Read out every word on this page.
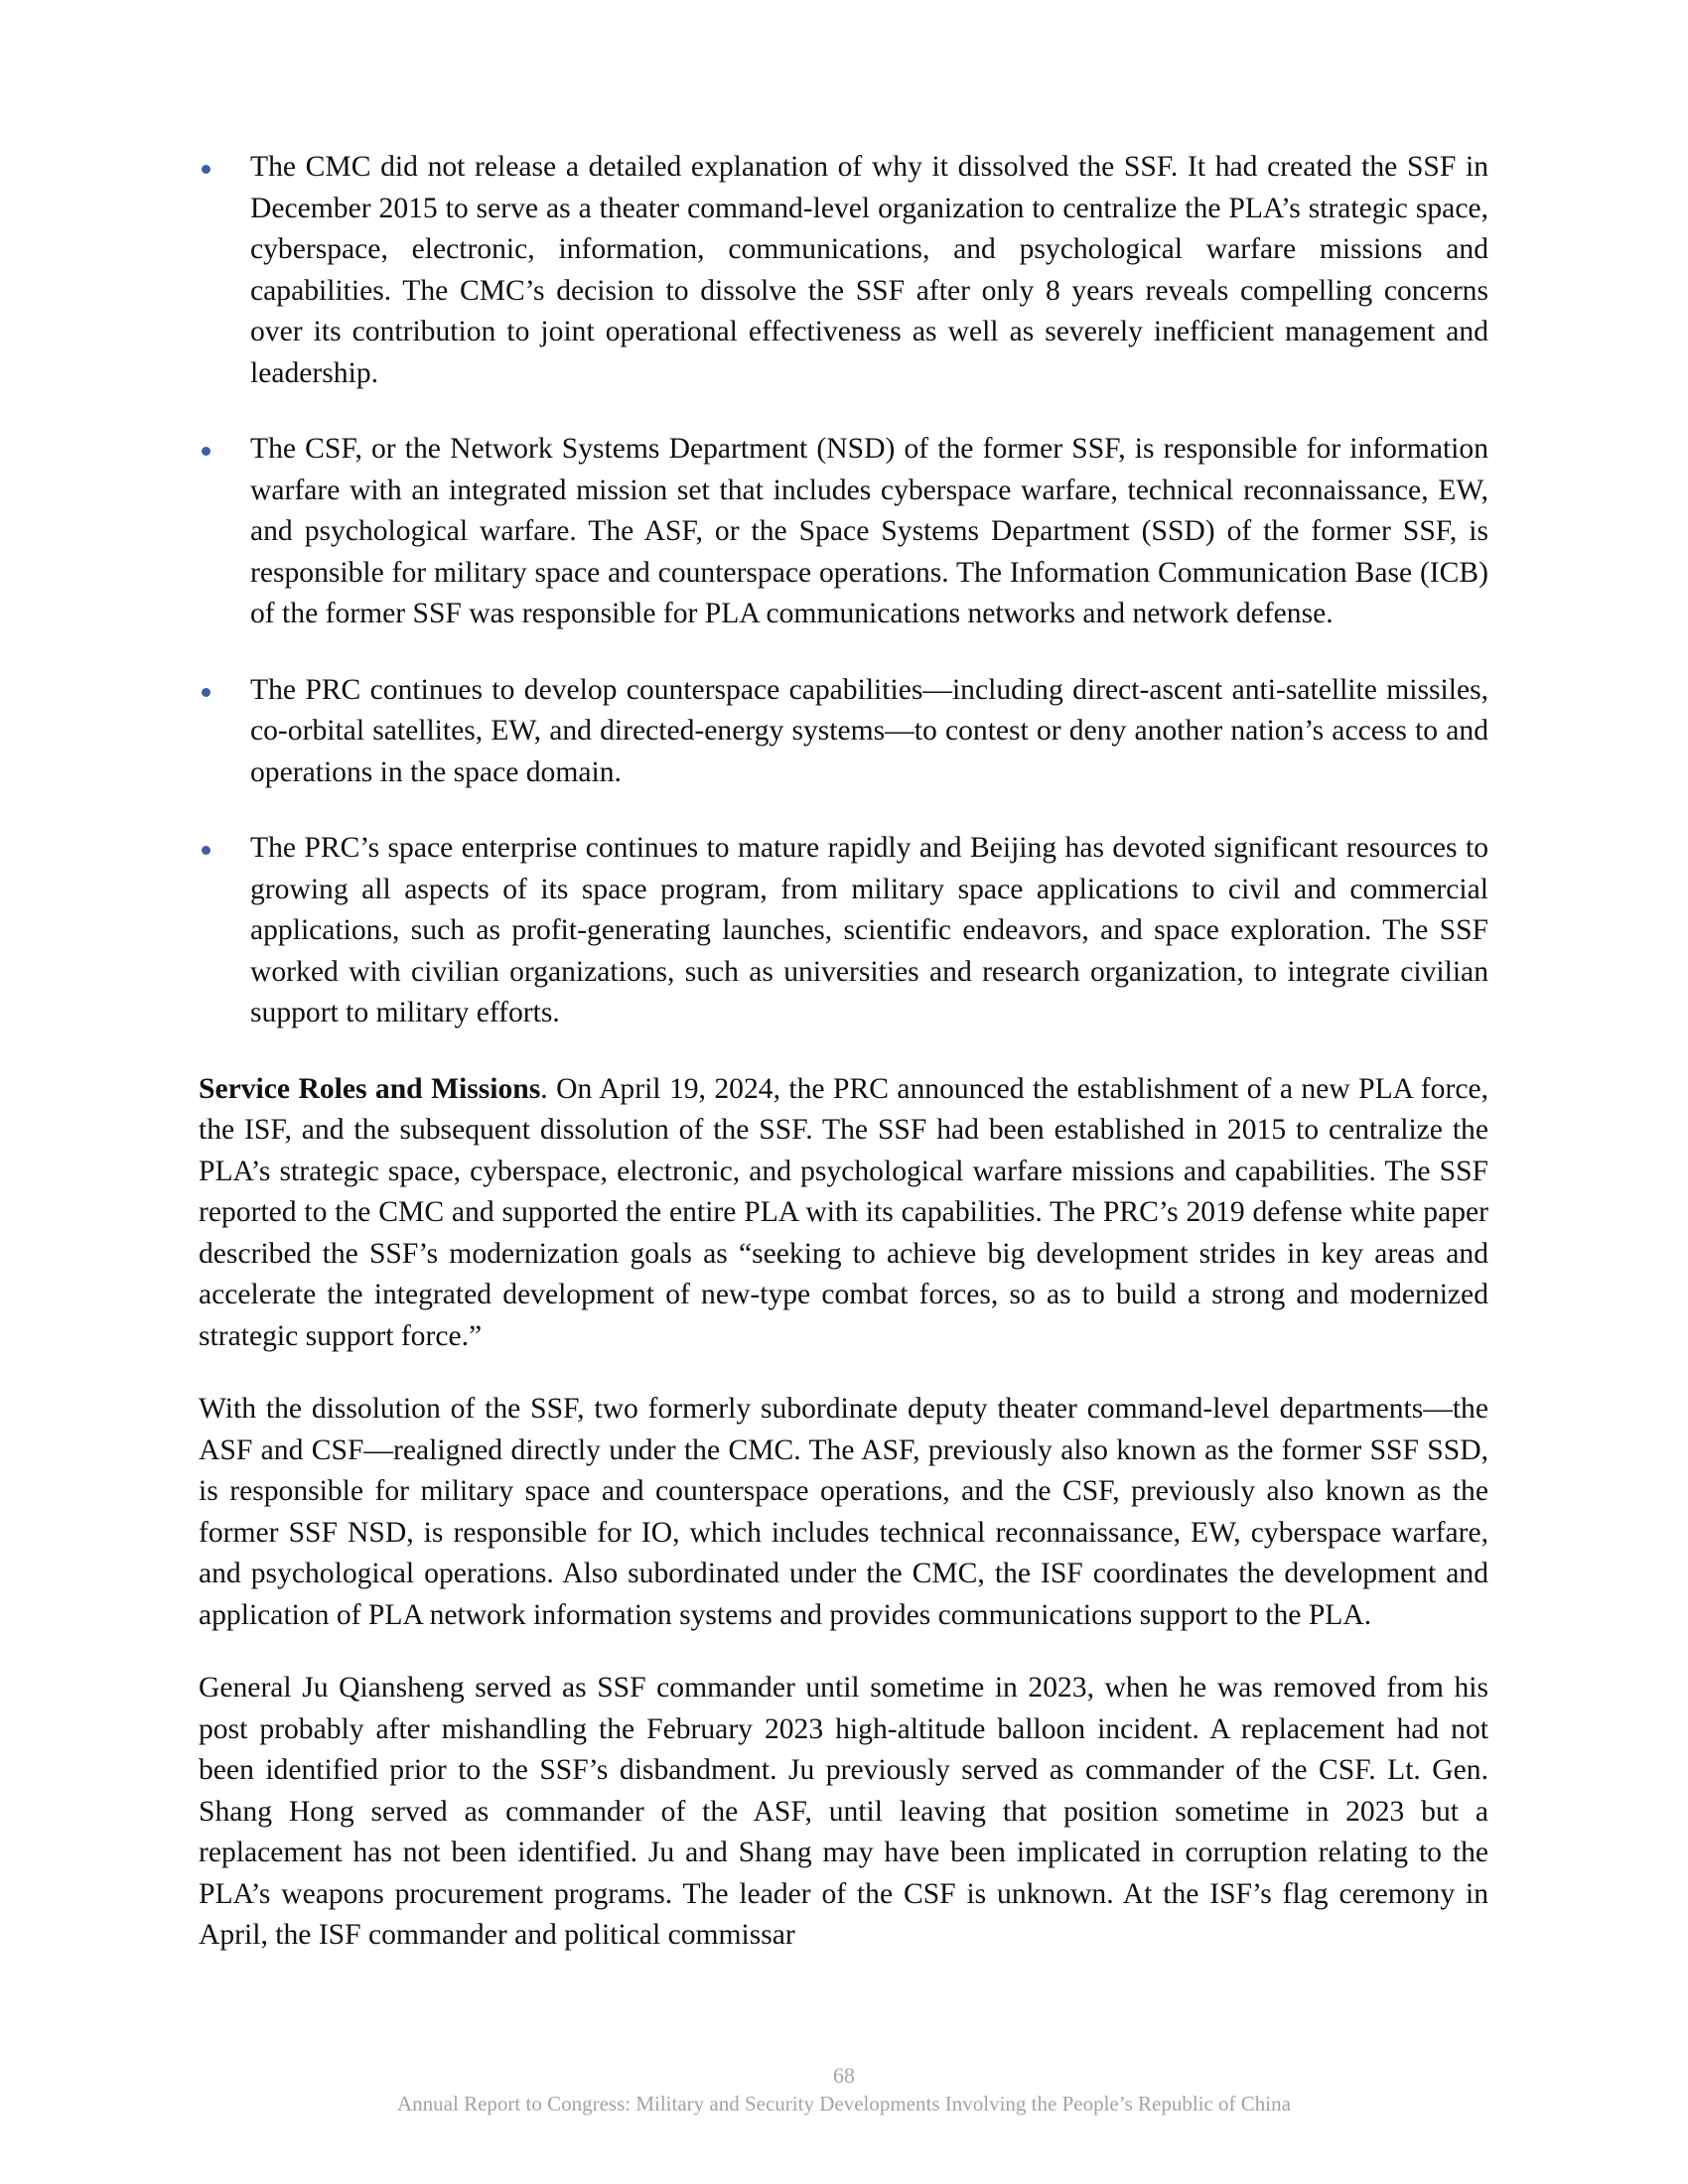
The CMC did not release a detailed explanation of why it dissolved the SSF. It had created the SSF in December 2015 to serve as a theater command-level organization to centralize the PLA’s strategic space, cyberspace, electronic, information, communications, and psychological warfare missions and capabilities. The CMC’s decision to dissolve the SSF after only 8 years reveals compelling concerns over its contribution to joint operational effectiveness as well as severely inefficient management and leadership.
The CSF, or the Network Systems Department (NSD) of the former SSF, is responsible for information warfare with an integrated mission set that includes cyberspace warfare, technical reconnaissance, EW, and psychological warfare. The ASF, or the Space Systems Department (SSD) of the former SSF, is responsible for military space and counterspace operations. The Information Communication Base (ICB) of the former SSF was responsible for PLA communications networks and network defense.
The PRC continues to develop counterspace capabilities—including direct-ascent anti-satellite missiles, co-orbital satellites, EW, and directed-energy systems—to contest or deny another nation’s access to and operations in the space domain.
The PRC’s space enterprise continues to mature rapidly and Beijing has devoted significant resources to growing all aspects of its space program, from military space applications to civil and commercial applications, such as profit-generating launches, scientific endeavors, and space exploration. The SSF worked with civilian organizations, such as universities and research organization, to integrate civilian support to military efforts.

Service Roles and Missions. On April 19, 2024, the PRC announced the establishment of a new PLA force, the ISF, and the subsequent dissolution of the SSF. The SSF had been established in 2015 to centralize the PLA’s strategic space, cyberspace, electronic, and psychological warfare missions and capabilities. The SSF reported to the CMC and supported the entire PLA with its capabilities. The PRC’s 2019 defense white paper described the SSF’s modernization goals as “seeking to achieve big development strides in key areas and accelerate the integrated development of new-type combat forces, so as to build a strong and modernized strategic support force.”

With the dissolution of the SSF, two formerly subordinate deputy theater command-level departments—the ASF and CSF—realigned directly under the CMC. The ASF, previously also known as the former SSF SSD, is responsible for military space and counterspace operations, and the CSF, previously also known as the former SSF NSD, is responsible for IO, which includes technical reconnaissance, EW, cyberspace warfare, and psychological operations. Also subordinated under the CMC, the ISF coordinates the development and application of PLA network information systems and provides communications support to the PLA.

General Ju Qiansheng served as SSF commander until sometime in 2023, when he was removed from his post probably after mishandling the February 2023 high-altitude balloon incident. A replacement had not been identified prior to the SSF’s disbandment. Ju previously served as commander of the CSF. Lt. Gen. Shang Hong served as commander of the ASF, until leaving that position sometime in 2023 but a replacement has not been identified. Ju and Shang may have been implicated in corruption relating to the PLA’s weapons procurement programs. The leader of the CSF is unknown. At the ISF’s flag ceremony in April, the ISF commander and political commissar

68
Annual Report to Congress: Military and Security Developments Involving the People’s Republic of China
